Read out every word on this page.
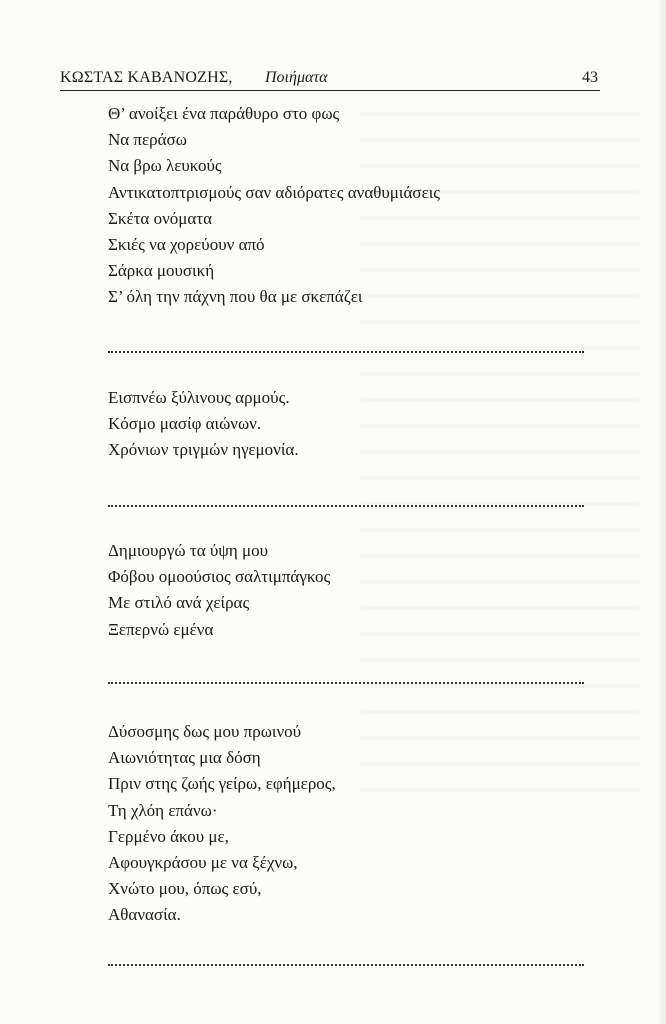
ΚΩΣΤΑΣ ΚΑΒΑΝΟΖΗΣ, Ποιήματα	43
Θ’ ανοίξει ένα παράθυρο στο φως
Να περάσω
Να βρω λευκούς
Αντικατοπτρισμούς σαν αδιόρατες αναθυμιάσεις
Σκέτα ονόματα
Σκιές να χορεύουν από
Σάρκα μουσική
Σ’ όλη την πάχνη που θα με σκεπάζει
Εισπνέω ξύλινους αρμούς.
Κόσμο μασίφ αιώνων.
Χρόνιων τριγμών ηγεμονία.
Δημιουργώ τα ύψη μου
Φόβου ομοούσιος σαλτιμπάγκος
Με στιλό ανά χείρας
Ξεπερνώ εμένα
Δύσοσμης δως μου πρωινού
Αιωνιότητας μια δόση
Πριν στης ζωής γείρω, εφήμερος,
Τη χλόη επάνω·
Γερμένο άκου με,
Αφουγκράσου με να ξέχνω,
Χνώτο μου, όπως εσύ,
Αθανασία.
